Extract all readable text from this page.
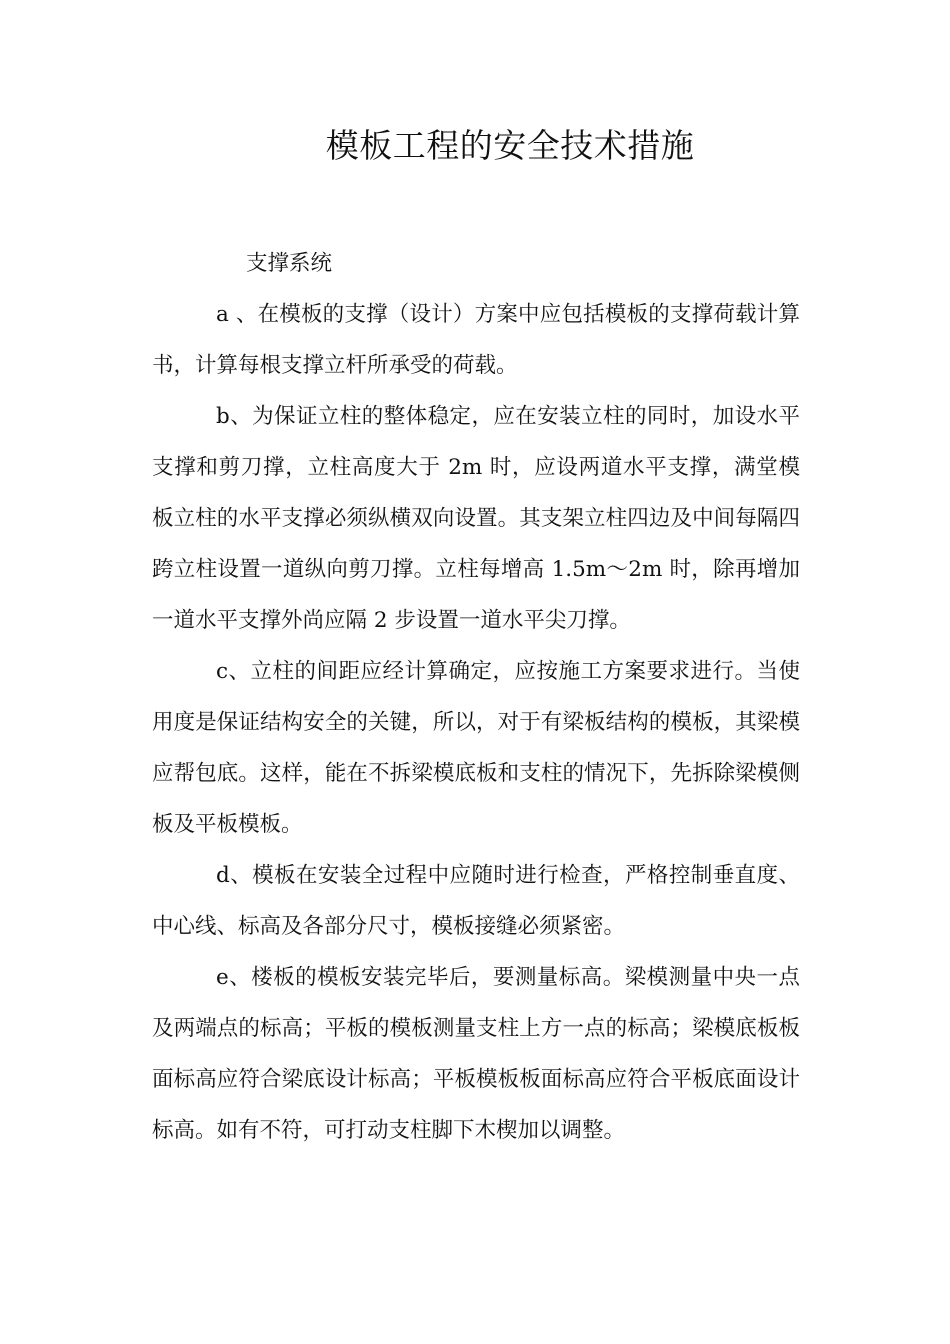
模板工程的安全技术措施

支撑系统

a 、在模板的支撑（设计）方案中应包括模板的支撑荷载计算书，计算每根支撑立杆所承受的荷载。

b、为保证立柱的整体稳定，应在安装立柱的同时，加设水平支撑和剪刀撑，立柱高度大于 2m 时，应设两道水平支撑，满堂模板立柱的水平支撑必须纵横双向设置。其支架立柱四边及中间每隔四跨立柱设置一道纵向剪刀撑。立柱每增高 1.5m～2m 时，除再增加一道水平支撑外尚应隔 2 步设置一道水平尖刀撑。

c、立柱的间距应经计算确定，应按施工方案要求进行。当使用度是保证结构安全的关键，所以，对于有梁板结构的模板，其梁模应帮包底。这样，能在不拆梁模底板和支柱的情况下，先拆除梁模侧板及平板模板。

d、模板在安装全过程中应随时进行检查，严格控制垂直度、中心线、标高及各部分尺寸，模板接缝必须紧密。

e、楼板的模板安装完毕后，要测量标高。梁模测量中央一点及两端点的标高；平板的模板测量支柱上方一点的标高；梁模底板板面标高应符合梁底设计标高；平板模板板面标高应符合平板底面设计标高。如有不符，可打动支柱脚下木楔加以调整。
